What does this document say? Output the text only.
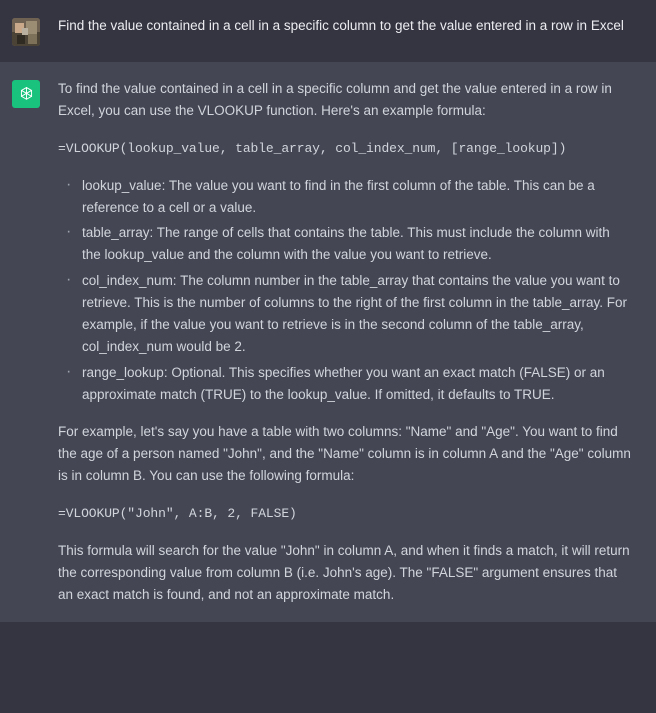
Find the value contained in a cell in a specific column to get the value entered in a row in Excel

To find the value contained in a cell in a specific column and get the value entered in a row in Excel, you can use the VLOOKUP function. Here's an example formula:

=VLOOKUP(lookup_value, table_array, col_index_num, [range_lookup])

· lookup_value: The value you want to find in the first column of the table. This can be a reference to a cell or a value.
· table_array: The range of cells that contains the table. This must include the column with the lookup_value and the column with the value you want to retrieve.
· col_index_num: The column number in the table_array that contains the value you want to retrieve. This is the number of columns to the right of the first column in the table_array. For example, if the value you want to retrieve is in the second column of the table_array, col_index_num would be 2.
· range_lookup: Optional. This specifies whether you want an exact match (FALSE) or an approximate match (TRUE) to the lookup_value. If omitted, it defaults to TRUE.

For example, let's say you have a table with two columns: "Name" and "Age". You want to find the age of a person named "John", and the "Name" column is in column A and the "Age" column is in column B. You can use the following formula:

=VLOOKUP("John", A:B, 2, FALSE)

This formula will search for the value "John" in column A, and when it finds a match, it will return the corresponding value from column B (i.e. John's age). The "FALSE" argument ensures that an exact match is found, and not an approximate match.
